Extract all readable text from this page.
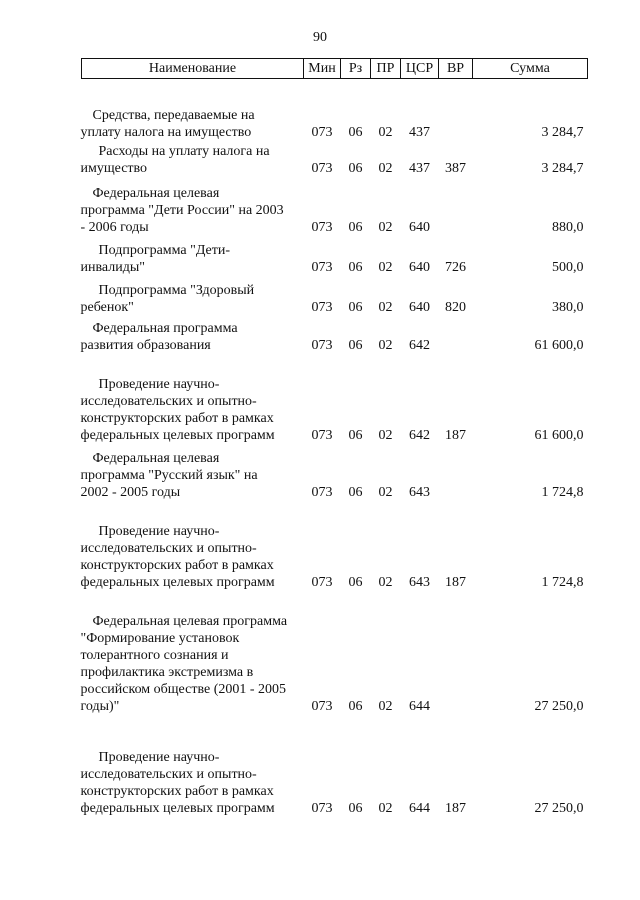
90
Наименование	Мин	Рз	ПР	ЦСР	ВР	Сумма

Средства, передаваемые на уплату налога на имущество	073	06	02	437		3 284,7

Расходы на уплату налога на имущество	073	06	02	437	387	3 284,7

Федеральная целевая программа "Дети России" на 2003 - 2006 годы	073	06	02	640		880,0

Подпрограмма "Дети-инвалиды"	073	06	02	640	726	500,0

Подпрограмма "Здоровый ребенок"	073	06	02	640	820	380,0

Федеральная программа развития образования	073	06	02	642		61 600,0

Проведение научно-исследовательских и опытно-конструкторских работ в рамках федеральных целевых программ	073	06	02	642	187	61 600,0

Федеральная целевая программа "Русский язык" на 2002 - 2005 годы	073	06	02	643		1 724,8

Проведение научно-исследовательских и опытно-конструкторских работ в рамках федеральных целевых программ	073	06	02	643	187	1 724,8

Федеральная целевая программа "Формирование установок толерантного сознания и профилактика экстремизма в российском обществе (2001 - 2005 годы)"	073	06	02	644		27 250,0

Проведение научно-исследовательских и опытно-конструкторских работ в рамках федеральных целевых программ	073	06	02	644	187	27 250,0
